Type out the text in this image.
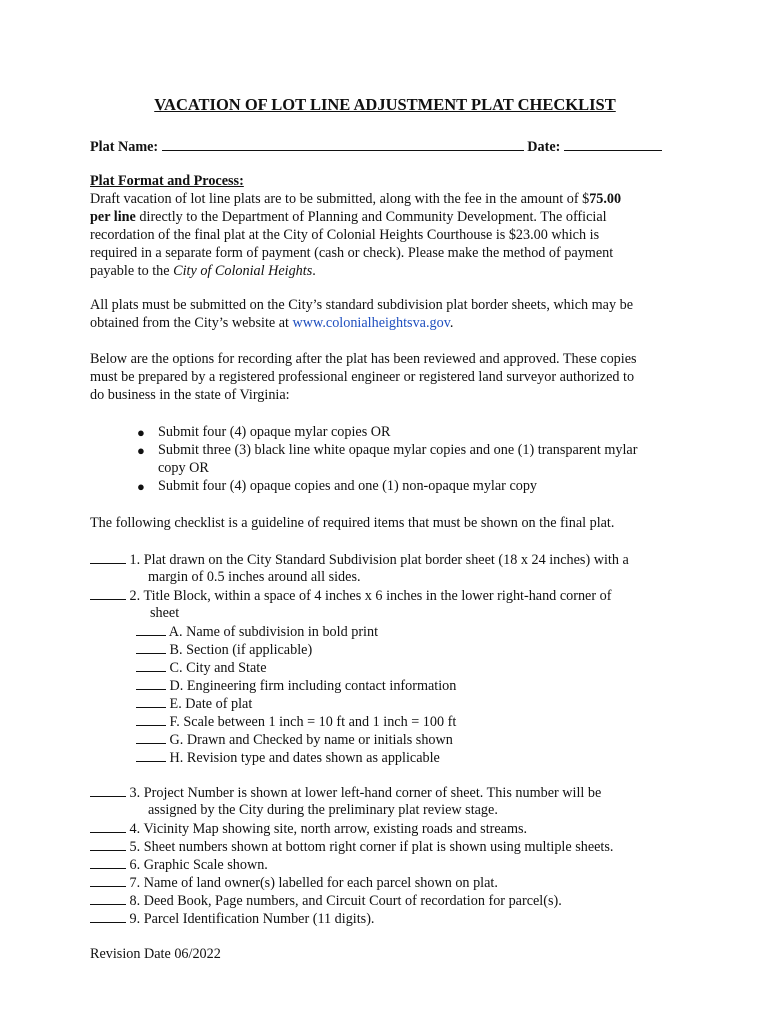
VACATION OF LOT LINE ADJUSTMENT PLAT CHECKLIST
Plat Name:	Date:
Plat Format and Process:
Draft vacation of lot line plats are to be submitted, along with the fee in the amount of $75.00
per line directly to the Department of Planning and Community Development. The official
recordation of the final plat at the City of Colonial Heights Courthouse is $23.00 which is
required in a separate form of payment (cash or check). Please make the method of payment
payable to the City of Colonial Heights.
All plats must be submitted on the City’s standard subdivision plat border sheets, which may be
obtained from the City’s website at www.colonialheightsva.gov.
Below are the options for recording after the plat has been reviewed and approved. These copies
must be prepared by a registered professional engineer or registered land surveyor authorized to
do business in the state of Virginia:
● Submit four (4) opaque mylar copies OR
● Submit three (3) black line white opaque mylar copies and one (1) transparent mylar
copy OR
● Submit four (4) opaque copies and one (1) non-opaque mylar copy
The following checklist is a guideline of required items that must be shown on the final plat.
1. Plat drawn on the City Standard Subdivision plat border sheet (18 x 24 inches) with a
margin of 0.5 inches around all sides.
2. Title Block, within a space of 4 inches x 6 inches in the lower right-hand corner of
sheet
A. Name of subdivision in bold print
B. Section (if applicable)
C. City and State
D. Engineering firm including contact information
E. Date of plat
F. Scale between 1 inch = 10 ft and 1 inch = 100 ft
G. Drawn and Checked by name or initials shown
H. Revision type and dates shown as applicable
3. Project Number is shown at lower left-hand corner of sheet. This number will be
assigned by the City during the preliminary plat review stage.
4. Vicinity Map showing site, north arrow, existing roads and streams.
5. Sheet numbers shown at bottom right corner if plat is shown using multiple sheets.
6. Graphic Scale shown.
7. Name of land owner(s) labelled for each parcel shown on plat.
8. Deed Book, Page numbers, and Circuit Court of recordation for parcel(s).
9. Parcel Identification Number (11 digits).
Revision Date 06/2022
